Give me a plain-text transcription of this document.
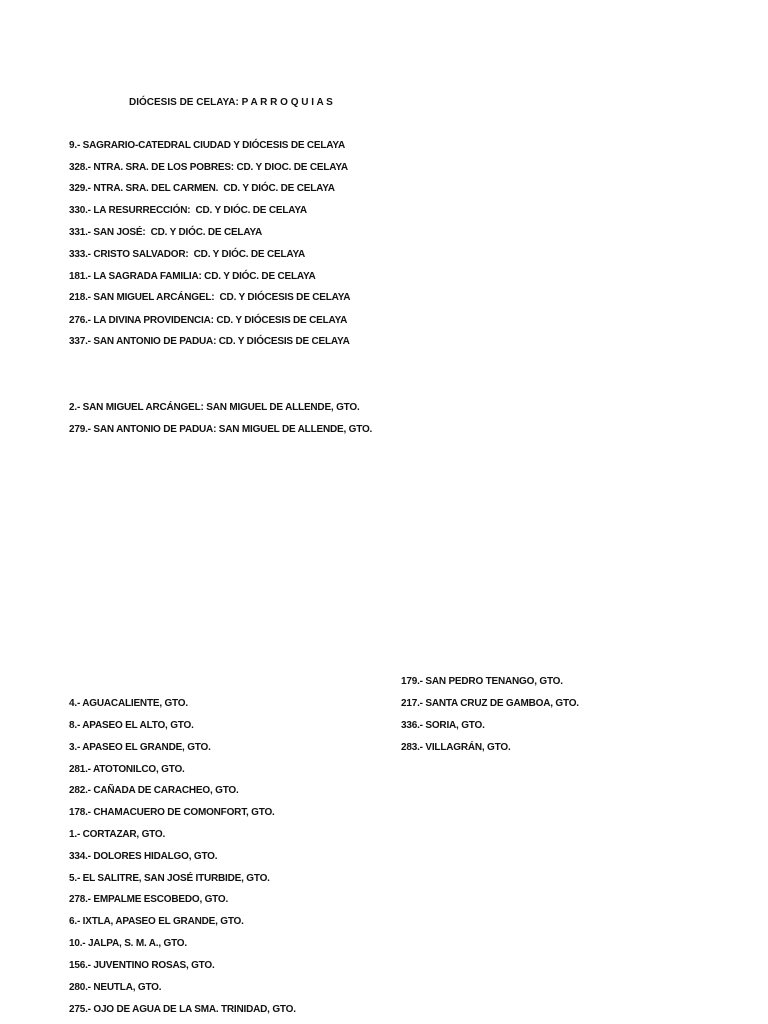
DIÓCESIS DE CELAYA: P A R R O Q U I A S
9.- SAGRARIO-CATEDRAL CIUDAD Y DIÓCESIS DE CELAYA
328.- NTRA. SRA. DE LOS POBRES: CD. Y DIOC. DE CELAYA
329.- NTRA. SRA. DEL CARMEN.  CD. Y DIÓC. DE CELAYA
330.- LA RESURRECCIÓN:  CD. Y DIÓC. DE CELAYA
331.- SAN JOSÉ:  CD. Y DIÓC. DE CELAYA
333.- CRISTO SALVADOR:  CD. Y DIÓC. DE CELAYA
181.- LA SAGRADA FAMILIA: CD. Y DIÓC. DE CELAYA
218.- SAN MIGUEL ARCÁNGEL:  CD. Y DIÓCESIS DE CELAYA
276.- LA DIVINA PROVIDENCIA: CD. Y DIÓCESIS DE CELAYA
337.- SAN ANTONIO DE PADUA: CD. Y DIÓCESIS DE CELAYA
2.- SAN MIGUEL ARCÁNGEL: SAN MIGUEL DE ALLENDE, GTO.
279.- SAN ANTONIO DE PADUA: SAN MIGUEL DE ALLENDE, GTO.
179.- SAN PEDRO TENANGO, GTO.
217.- SANTA CRUZ DE GAMBOA, GTO.
336.- SORIA, GTO.
283.- VILLAGRÁN, GTO.
4.- AGUACALIENTE, GTO.
8.- APASEO EL ALTO, GTO.
3.- APASEO EL GRANDE, GTO.
281.- ATOTONILCO, GTO.
282.- CAÑADA DE CARACHEO, GTO.
178.- CHAMACUERO DE COMONFORT, GTO.
1.- CORTAZAR, GTO.
334.- DOLORES HIDALGO, GTO.
5.- EL SALITRE, SAN JOSÉ ITURBIDE, GTO.
278.- EMPALME ESCOBEDO, GTO.
6.- IXTLA, APASEO EL GRANDE, GTO.
10.- JALPA, S. M. A., GTO.
156.- JUVENTINO ROSAS, GTO.
280.- NEUTLA, GTO.
275.- OJO DE AGUA DE LA SMA. TRINIDAD, GTO.
